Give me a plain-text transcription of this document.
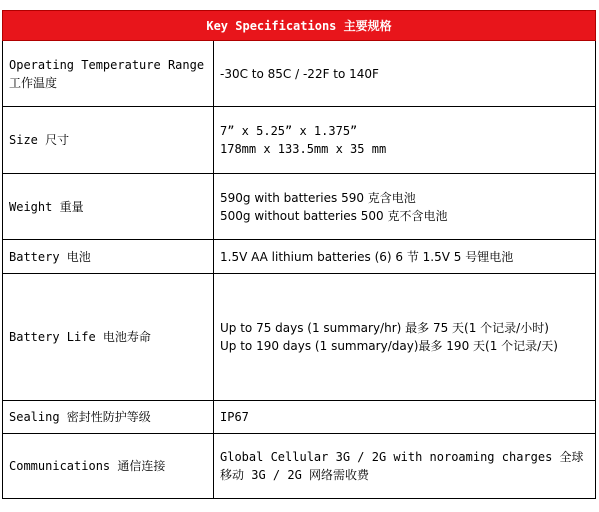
Key Specifications 主要规格	
Operating Temperature Range 工作温度	-30C to 85C / -22F to 140F

Size 尺寸	7” x 5.25” x 1.375”
178mm x 133.5mm x 35 mm

Weight 重量	590g with batteries 590 克含电池
500g without batteries 500 克不含电池

Battery 电池	1.5V AA lithium batteries (6) 6 节 1.5V 5 号锂电池

Battery Life 电池寿命	Up to 75 days (1 summary/hr) 最多 75 天(1 个记录/小时)
Up to 190 days (1 summary/day)最多 190 天(1 个记录/天)

Sealing 密封性防护等级	IP67

Communications 通信连接	Global Cellular 3G / 2G with noroaming charges 全球移动 3G / 2G 网络需收费
